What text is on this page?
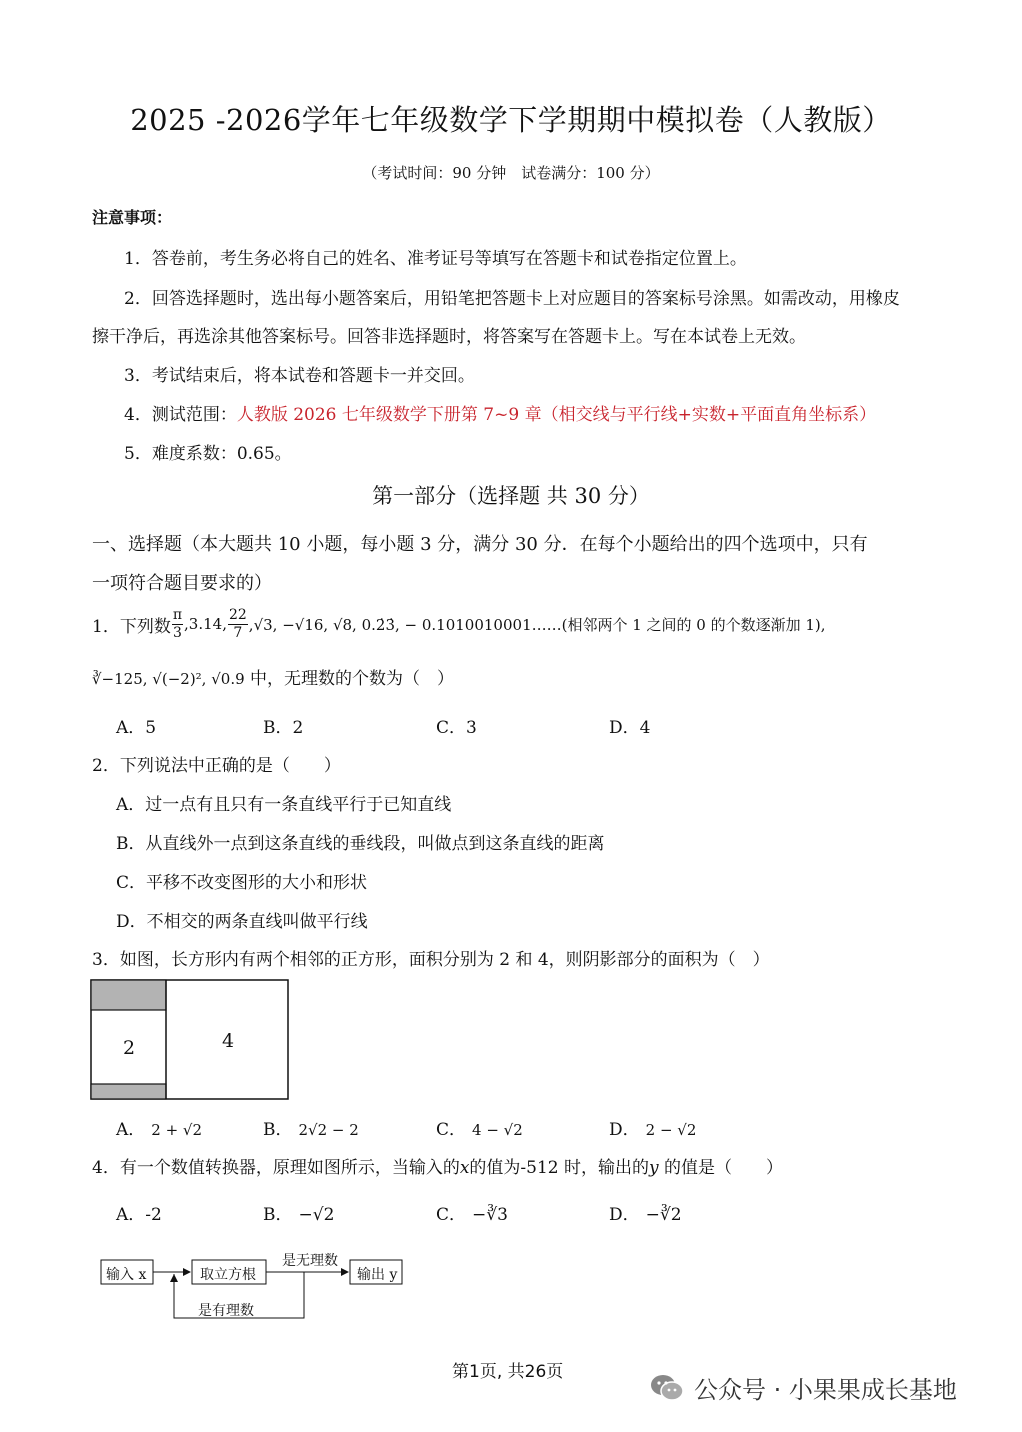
2025 -2026学年七年级数学下学期期中模拟卷（人教版）
（考试时间：90 分钟　试卷满分：100 分）
注意事项：
1．答卷前，考生务必将自己的姓名、准考证号等填写在答题卡和试卷指定位置上。
2．回答选择题时，选出每小题答案后，用铅笔把答题卡上对应题目的答案标号涂黑。如需改动，用橡皮
擦干净后，再选涂其他答案标号。回答非选择题时，将答案写在答题卡上。写在本试卷上无效。
3．考试结束后，将本试卷和答题卡一并交回。
4．测试范围：人教版 2026 七年级数学下册第 7~9 章（相交线与平行线+实数+平面直角坐标系）
5．难度系数：0.65。
第一部分（选择题 共 30 分）
一、选择题（本大题共 10 小题，每小题 3 分，满分 30 分．在每个小题给出的四个选项中，只有
一项符合题目要求的）
1．下列数 $\frac{\pi}{3} ,3.14$, $\frac{22}{7} ,√3$, −√16, √8, 0.2̇3̇, − 0.1010010001……(相邻两个 1 之间的 0 的个数逐渐加 1),
∛−125, √(−2)², √0.9 中，无理数的个数为（　）
A．5	B．2	C．3	D．4
2．下列说法中正确的是（　　）
A．过一点有且只有一条直线平行于已知直线
B．从直线外一点到这条直线的垂线段，叫做点到这条直线的距离
C．平移不改变图形的大小和形状
D．不相交的两条直线叫做平行线
3．如图，长方形内有两个相邻的正方形，面积分别为 2 和 4，则阴影部分的面积为（　）
2	4
A． 2 + √2	B． 2√2 − 2	C． 4 − √2	D． 2 − √2
4．有一个数值转换器，原理如图所示，当输入的x的值为-512 时，输出的y 的值是（　　）
A．-2	B． −√2	C． −∛3	D． −∛2
输入 x	取立方根
是无理数
输出 y
是有理数
第1页, 共26页
公众号 · 小果果成长基地
